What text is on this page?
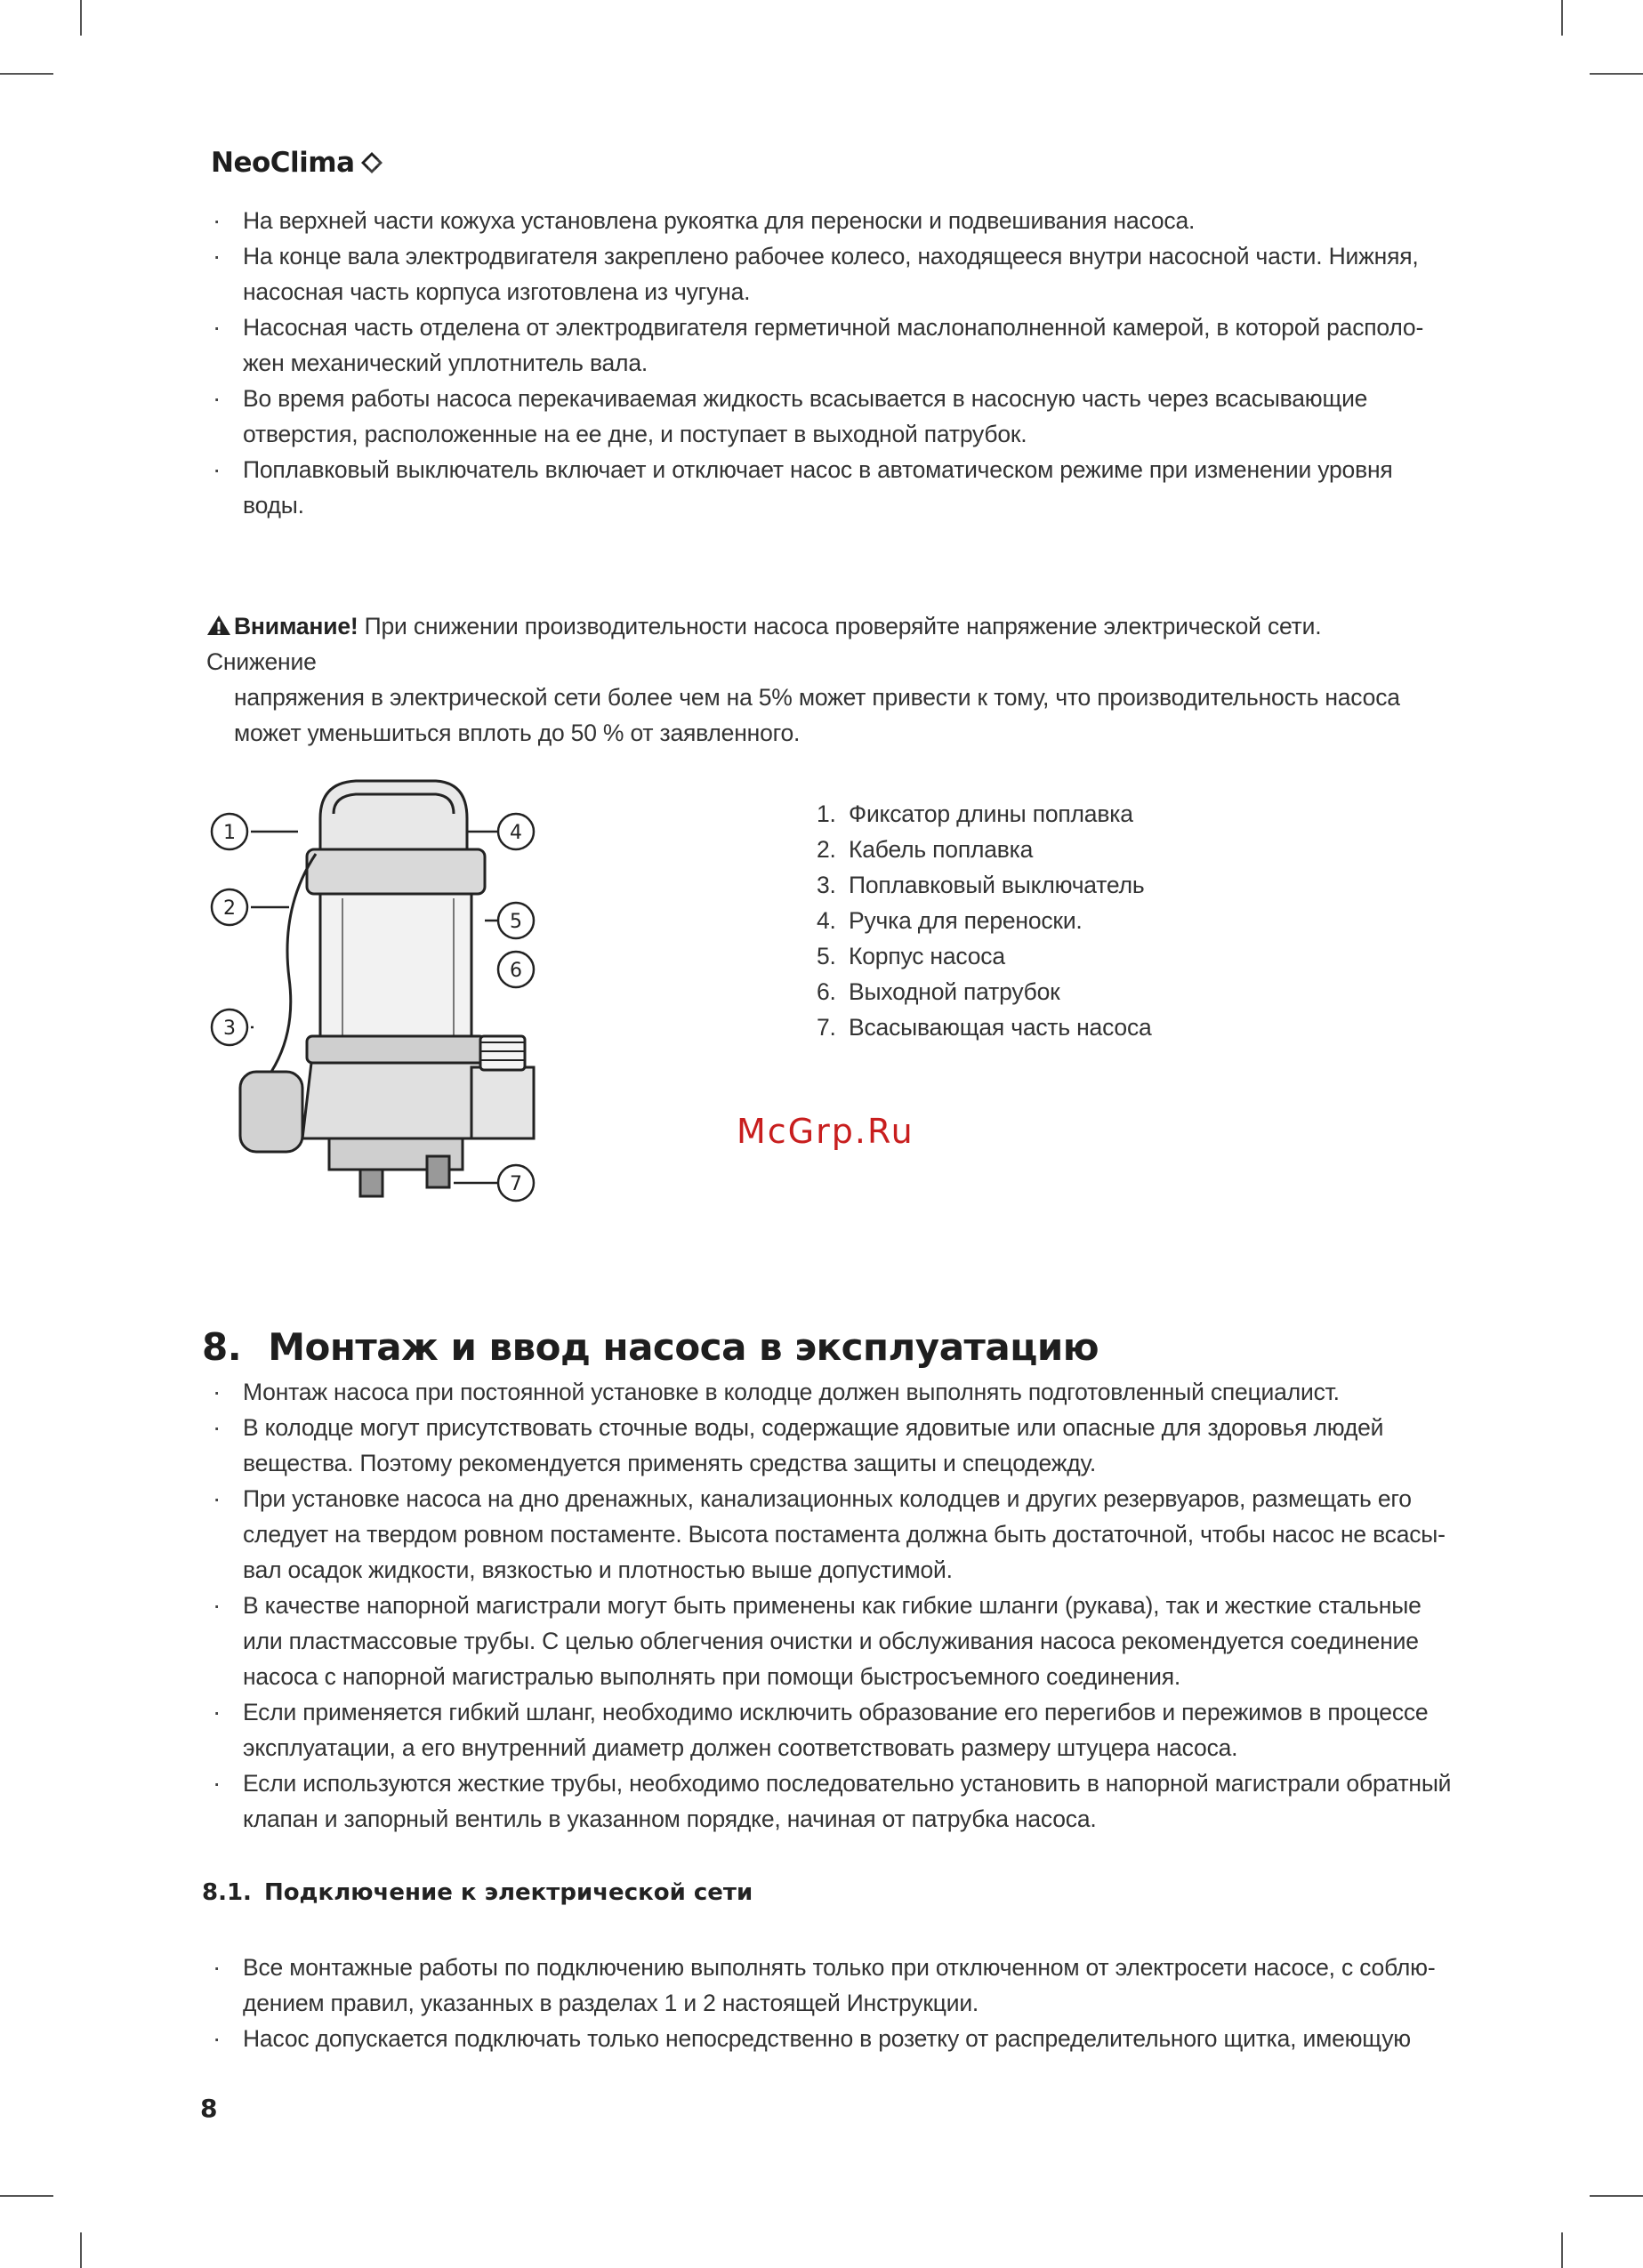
NeoClima
· На верхней части кожуха установлена рукоятка для переноски и подвешивания насоса.
· На конце вала электродвигателя закреплено рабочее колесо, находящееся внутри насосной части. Нижняя, насосная часть корпуса изготовлена из чугуна.
· Насосная часть отделена от электродвигателя герметичной маслонаполненной камерой, в которой располо-жен механический уплотнитель вала.
· Во время работы насоса перекачиваемая жидкость всасывается в насосную часть через всасывающие отверстия, расположенные на ее дне, и поступает в выходной патрубок.
· Поплавковый выключатель включает и отключает насос в автоматическом режиме при изменении уровня воды.
Внимание! При снижении производительности насоса проверяйте напряжение электрической сети. Снижение
напряжения в электрической сети более чем на 5% может привести к тому, что производительность насоса
может уменьшиться вплоть до 50 % от заявленного.
1
2
3
4
5
6
7
1. Фиксатор длины поплавка
2. Кабель поплавка
3. Поплавковый выключатель
4. Ручка для переноски.
5. Корпус насоса
6. Выходной патрубок
7. Всасывающая часть насоса
McGrp.Ru
8. Монтаж и ввод насоса в эксплуатацию
· Монтаж насоса при постоянной установке в колодце должен выполнять подготовленный специалист.
· В колодце могут присутствовать сточные воды, содержащие ядовитые или опасные для здоровья людей вещества. Поэтому рекомендуется применять средства защиты и спецодежду.
· При установке насоса на дно дренажных, канализационных колодцев и других резервуаров, размещать его следует на твердом ровном постаменте. Высота постамента должна быть достаточной, чтобы насос не всасы-вал осадок жидкости, вязкостью и плотностью выше допустимой.
· В качестве напорной магистрали могут быть применены как гибкие шланги (рукава), так и жесткие стальные или пластмассовые трубы. С целью облегчения очистки и обслуживания насоса рекомендуется соединение насоса с напорной магистралью выполнять при помощи быстросъемного соединения.
· Если применяется гибкий шланг, необходимо исключить образование его перегибов и пережимов в процессе эксплуатации, а его внутренний диаметр должен соответствовать размеру штуцера насоса.
· Если используются жесткие трубы, необходимо последовательно установить в напорной магистрали обратный клапан и запорный вентиль в указанном порядке, начиная от патрубка насоса.
8.1. Подключение к электрической сети
· Все монтажные работы по подключению выполнять только при отключенном от электросети насосе, с соблю-дением правил, указанных в разделах 1 и 2 настоящей Инструкции.
· Насос допускается подключать только непосредственно в розетку от распределительного щитка, имеющую
8
